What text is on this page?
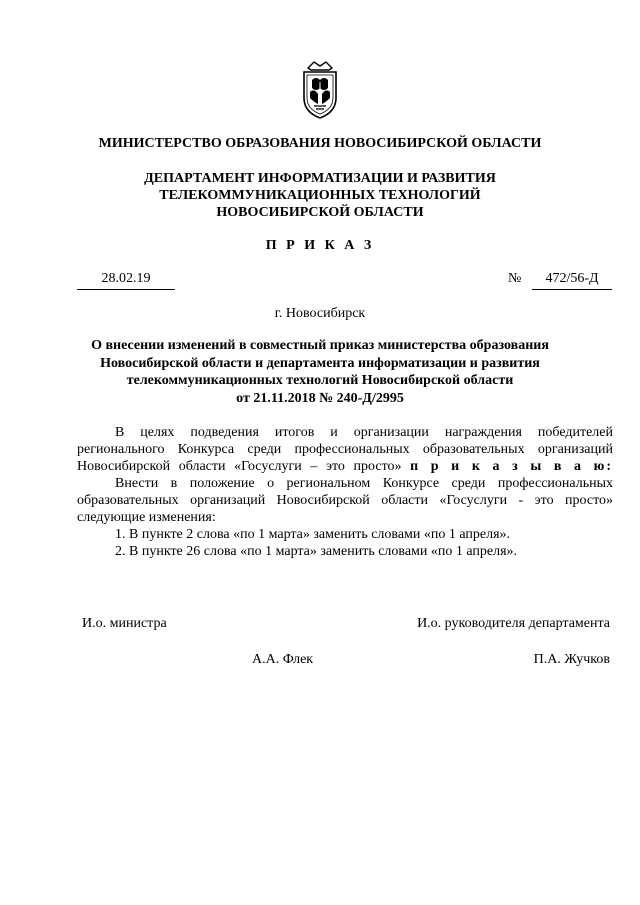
МИНИСТЕРСТВО ОБРАЗОВАНИЯ НОВОСИБИРСКОЙ ОБЛАСТИ
ДЕПАРТАМЕНТ ИНФОРМАТИЗАЦИИ И РАЗВИТИЯ
ТЕЛЕКОММУНИКАЦИОННЫХ ТЕХНОЛОГИЙ
НОВОСИБИРСКОЙ ОБЛАСТИ
П Р И К А З
28.02.19	№	472/56-Д
г. Новосибирск
О внесении изменений в совместный приказ министерства образования
Новосибирской области и департамента информатизации и развития
телекоммуникационных технологий Новосибирской области
от 21.11.2018 № 240-Д/2995
В целях подведения итогов и организации награждения победителей
регионального Конкурса среди профессиональных образовательных организаций
Новосибирской области «Госуслуги – это просто» п р и к а з ы в а ю:
Внести в положение о региональном Конкурсе среди профессиональных
образовательных организаций Новосибирской области «Госуслуги - это просто»
следующие изменения:
1. В пункте 2 слова «по 1 марта» заменить словами «по 1 апреля».
2. В пункте 26 слова «по 1 марта» заменить словами «по 1 апреля».
И.о. министра	И.о. руководителя департамента
А.А. Флек	П.А. Жучков
